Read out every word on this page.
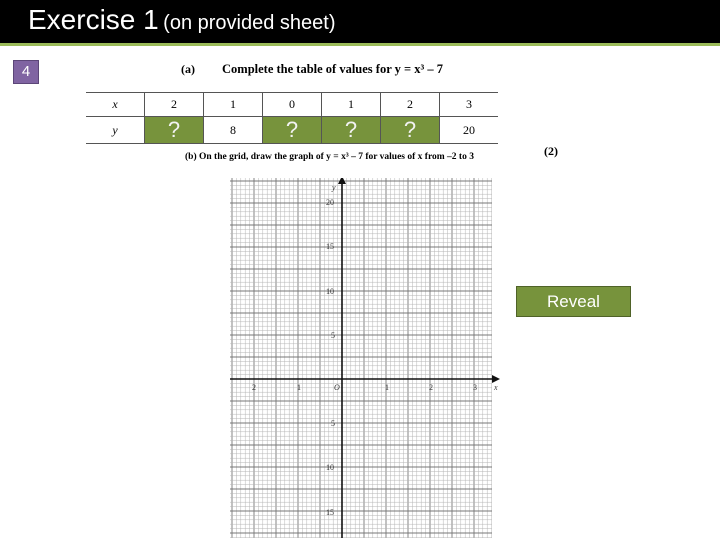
Exercise 1 (on provided sheet)
4	(a) Complete the table of values for y = x³ – 7
x	2	1	0	1	2	3
y	?	8	?	?	?	20
(2)
(b) On the grid, draw the graph of y = x³ – 7 for values of x from –2 to 3
x
y
O
2	1	1	2	3
20
15
10
5
5
10
15
Reveal
